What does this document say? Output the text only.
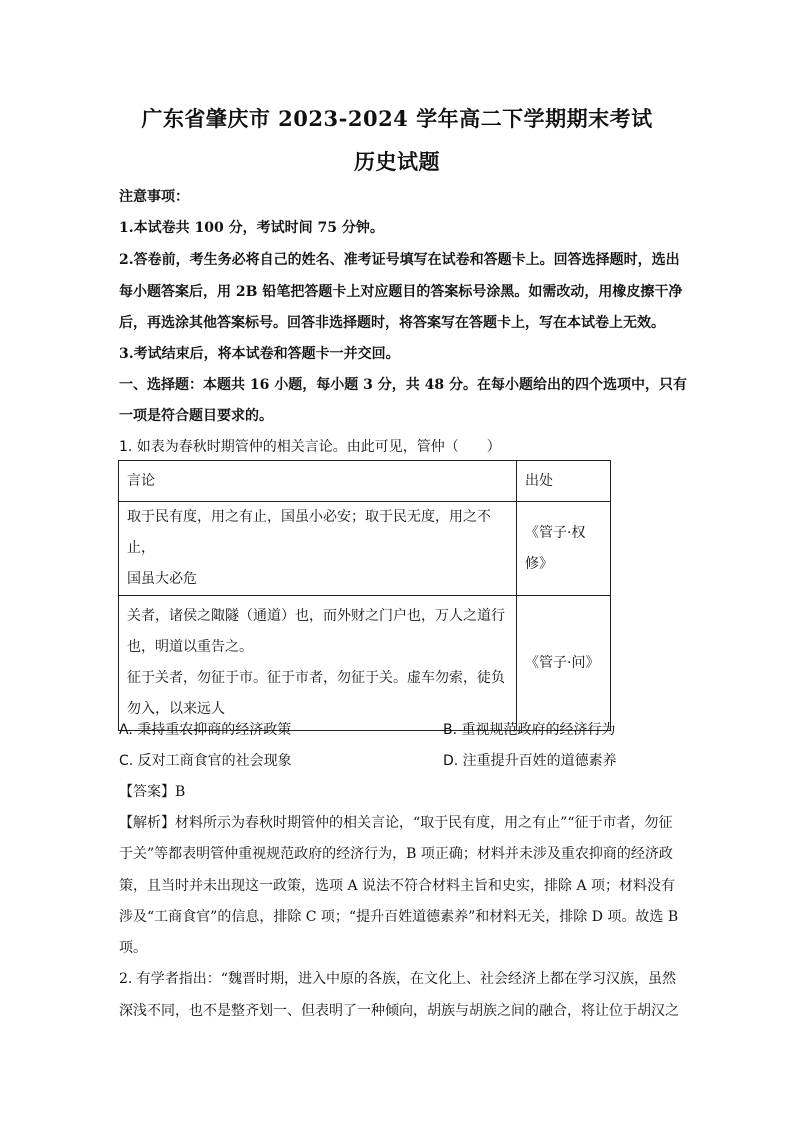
广东省肇庆市 2023-2024 学年高二下学期期末考试
历史试题
注意事项：
1.本试卷共 100 分，考试时间 75 分钟。
2.答卷前，考生务必将自己的姓名、准考证号填写在试卷和答题卡上。回答选择题时，选出
每小题答案后，用 2B 铅笔把答题卡上对应题目的答案标号涂黑。如需改动，用橡皮擦干净
后，再选涂其他答案标号。回答非选择题时，将答案写在答题卡上，写在本试卷上无效。
3.考试结束后，将本试卷和答题卡一并交回。
一、选择题：本题共 16 小题，每小题 3 分，共 48 分。在每小题给出的四个选项中，只有
一项是符合题目要求的。
1. 如表为春秋时期管仲的相关言论。由此可见，管仲（　　）
言论	出处

取于民有度，用之有止，国虽小必安；取于民无度，用之不止，
国虽大必危	《管子·权修》

关者，诸侯之陬隧（通道）也，而外财之门户也，万人之道行
也，明道以重告之。
征于关者，勿征于市。征于市者，勿征于关。虚车勿索，徒负
勿入，以来远人	《管子·问》
A. 秉持重农抑商的经济政策	B. 重视规范政府的经济行为
C. 反对工商食官的社会现象	D. 注重提升百姓的道德素养
【答案】B
【解析】材料所示为春秋时期管仲的相关言论，“取于民有度，用之有止”“征于市者，勿征
于关”等都表明管仲重视规范政府的经济行为，B 项正确；材料并未涉及重农抑商的经济政
策，且当时并未出现这一政策，选项 A 说法不符合材料主旨和史实，排除 A 项；材料没有
涉及“工商食官”的信息，排除 C 项；“提升百姓道德素养”和材料无关，排除 D 项。故选 B
项。
2. 有学者指出：“魏晋时期，进入中原的各族，在文化上、社会经济上都在学习汉族，虽然
深浅不同，也不是整齐划一、但表明了一种倾向，胡族与胡族之间的融合，将让位于胡汉之
